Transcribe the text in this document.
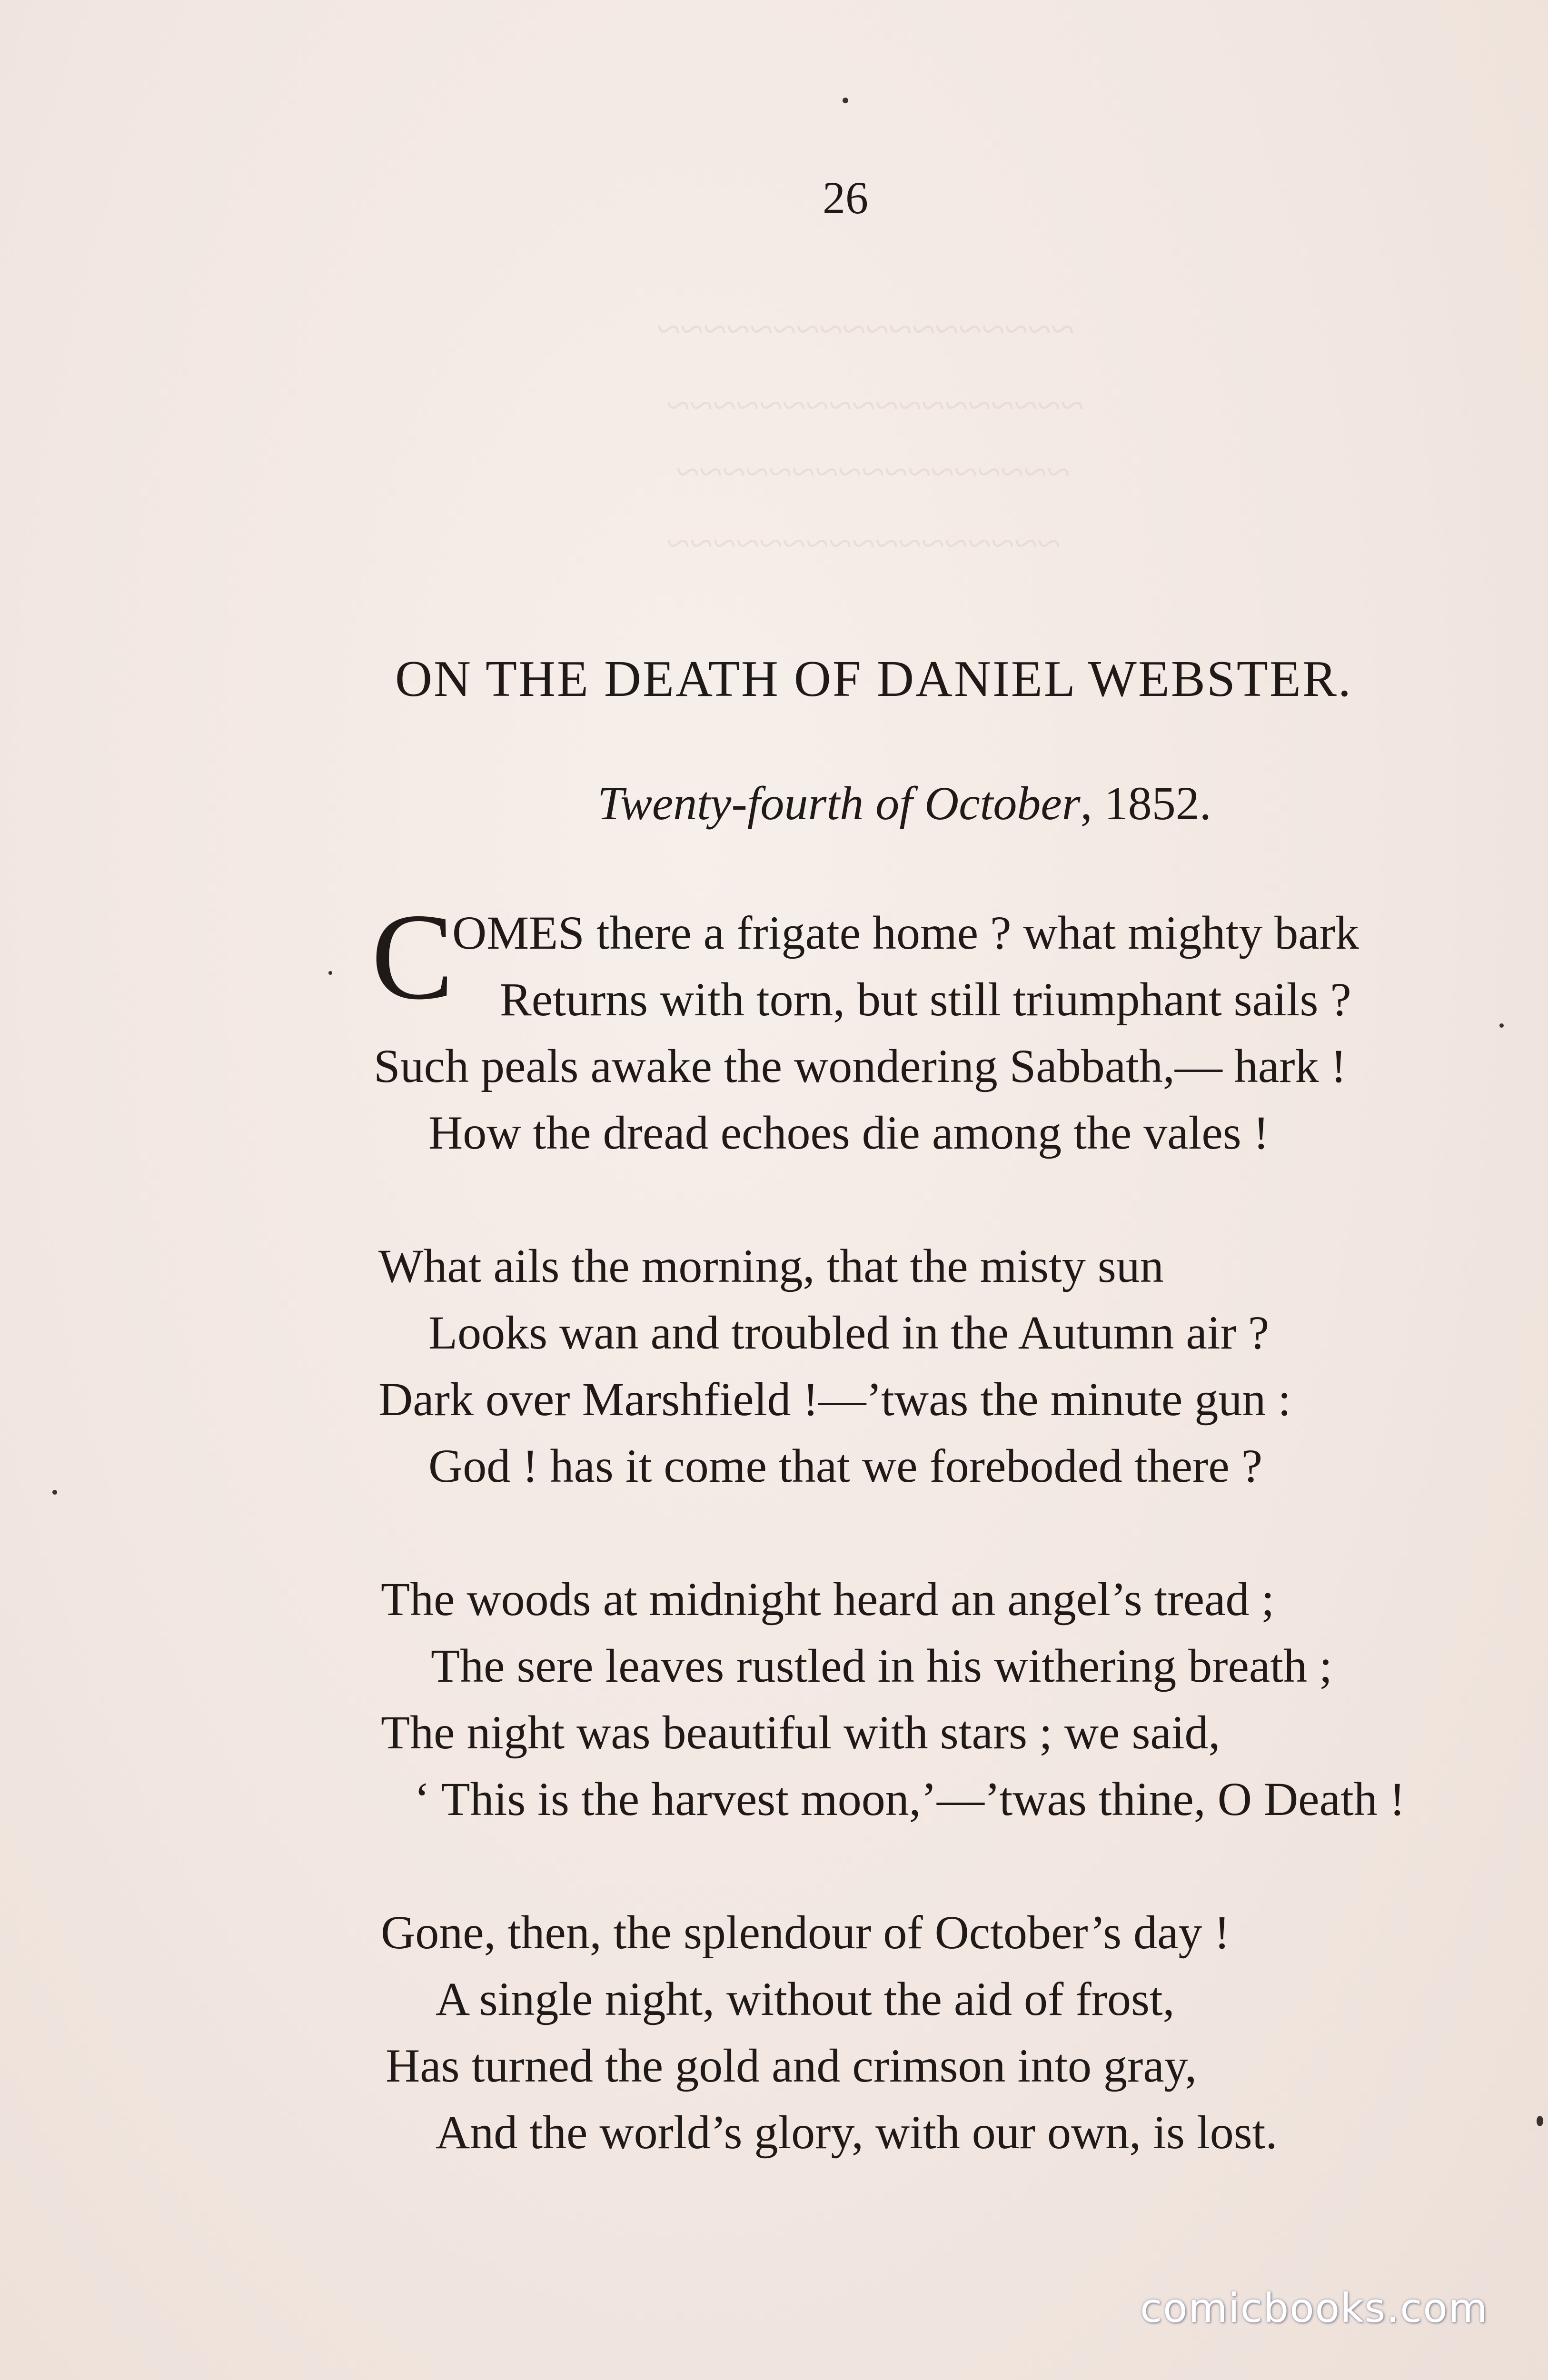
~~~~~~~~~~~~~~~~~~
~~~~~~~~~~~~~~~~~~
~~~~~~~~~~~~~~~~~
~~~~~~~~~~~~~~~~~
26
ON THE DEATH OF DANIEL WEBSTER.
Twenty-fourth of October, 1852.
C
OMES there a frigate home ? what mighty bark
Returns with torn, but still triumphant sails ?
Such peals awake the wondering Sabbath,— hark !
How the dread echoes die among the vales !
What ails the morning, that the misty sun
Looks wan and troubled in the Autumn air ?
Dark over Marshfield !—’twas the minute gun :
God ! has it come that we foreboded there ?
The woods at midnight heard an angel’s tread ;
The sere leaves rustled in his withering breath ;
The night was beautiful with stars ; we said,
‘ This is the harvest moon,’—’twas thine, O Death !
Gone, then, the splendour of October’s day !
A single night, without the aid of frost,
Has turned the gold and crimson into gray,
And the world’s glory, with our own, is lost.
comicbooks.com
